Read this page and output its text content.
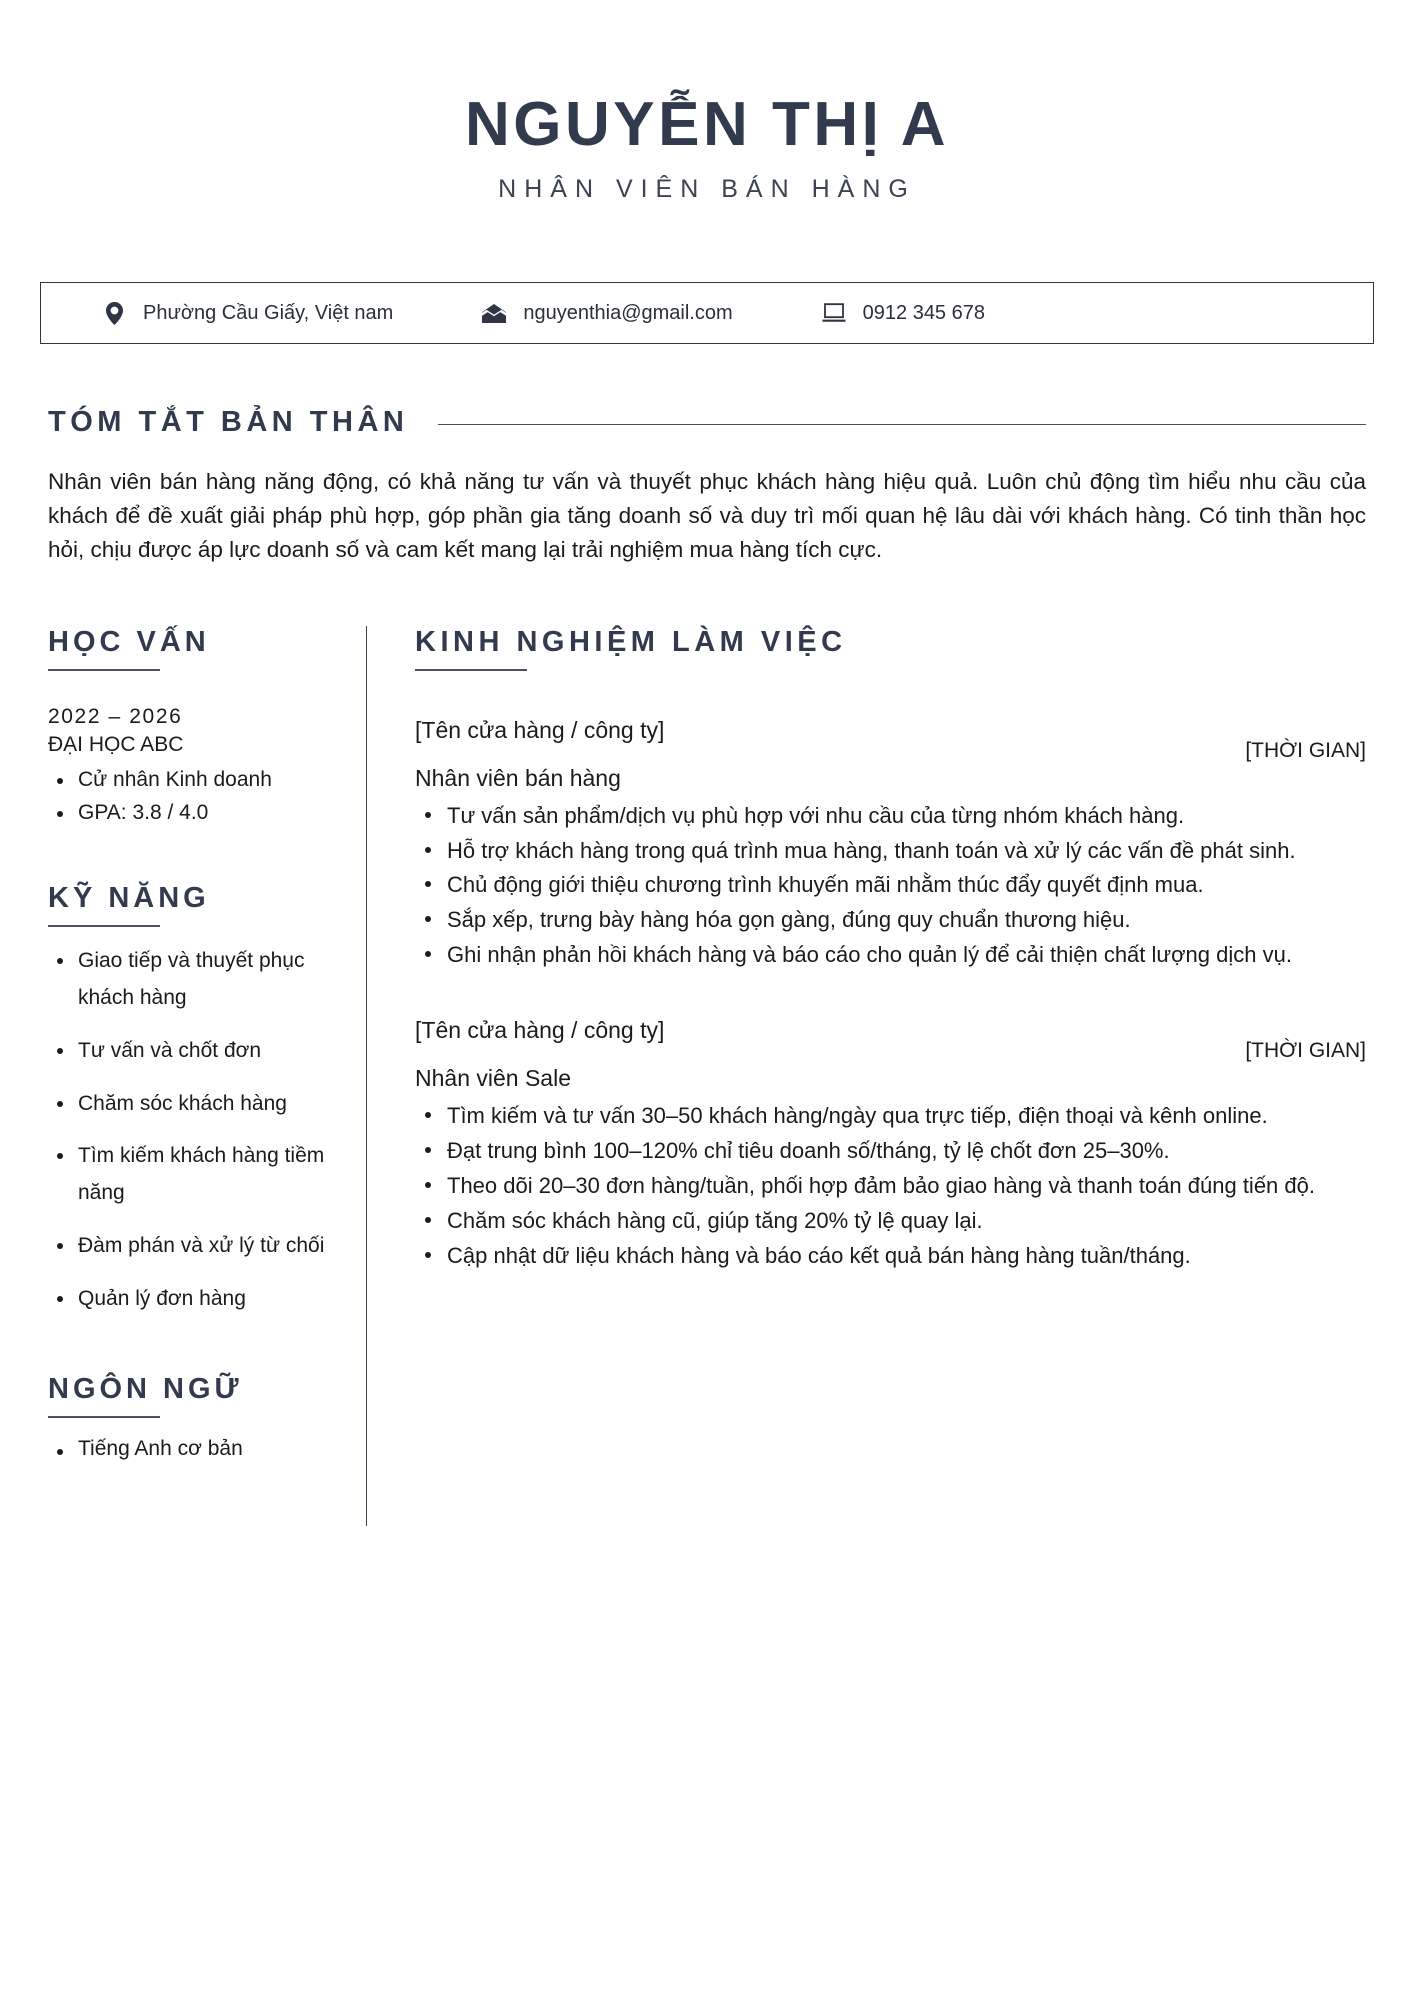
NGUYỄN THỊ A
NHÂN VIÊN BÁN HÀNG
Phường Cầu Giấy, Việt nam	nguyenthia@gmail.com	0912 345 678
TÓM TẮT BẢN THÂN

Nhân viên bán hàng năng động, có khả năng tư vấn và thuyết phục khách hàng hiệu quả. Luôn chủ động tìm hiểu nhu cầu của khách để đề xuất giải pháp phù hợp, góp phần gia tăng doanh số và duy trì mối quan hệ lâu dài với khách hàng. Có tinh thần học hỏi, chịu được áp lực doanh số và cam kết mang lại trải nghiệm mua hàng tích cực.

HỌC VẤN
2022 – 2026
ĐẠI HỌC ABC
Cử nhân Kinh doanh
GPA: 3.8 / 4.0
KỸ NĂNG
Giao tiếp và thuyết phục khách hàng
Tư vấn và chốt đơn
Chăm sóc khách hàng
Tìm kiếm khách hàng tiềm năng
Đàm phán và xử lý từ chối
Quản lý đơn hàng
NGÔN NGỮ
Tiếng Anh cơ bản
KINH NGHIỆM LÀM VIỆC
[Tên cửa hàng / công ty]
[THỜI GIAN]
Nhân viên bán hàng
Tư vấn sản phẩm/dịch vụ phù hợp với nhu cầu của từng nhóm khách hàng.
Hỗ trợ khách hàng trong quá trình mua hàng, thanh toán và xử lý các vấn đề phát sinh.
Chủ động giới thiệu chương trình khuyến mãi nhằm thúc đẩy quyết định mua.
Sắp xếp, trưng bày hàng hóa gọn gàng, đúng quy chuẩn thương hiệu.
Ghi nhận phản hồi khách hàng và báo cáo cho quản lý để cải thiện chất lượng dịch vụ.
[Tên cửa hàng / công ty]
[THỜI GIAN]
Nhân viên Sale
Tìm kiếm và tư vấn 30–50 khách hàng/ngày qua trực tiếp, điện thoại và kênh online.
Đạt trung bình 100–120% chỉ tiêu doanh số/tháng, tỷ lệ chốt đơn 25–30%.
Theo dõi 20–30 đơn hàng/tuần, phối hợp đảm bảo giao hàng và thanh toán đúng tiến độ.
Chăm sóc khách hàng cũ, giúp tăng 20% tỷ lệ quay lại.
Cập nhật dữ liệu khách hàng và báo cáo kết quả bán hàng hàng tuần/tháng.
